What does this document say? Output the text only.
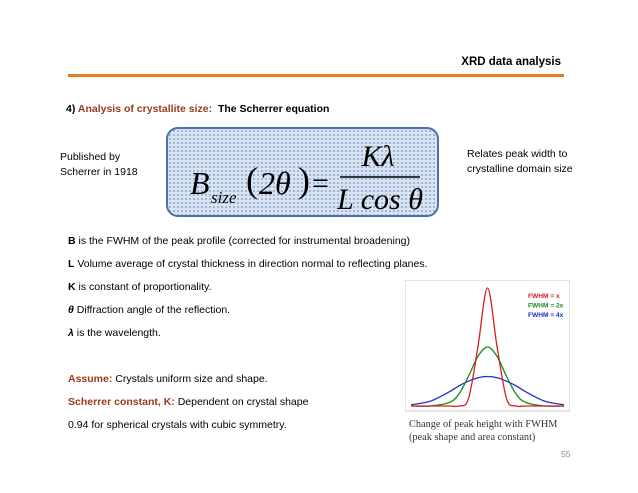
XRD data analysis
4) Analysis of crystallite size: The Scherrer equation
Published by Scherrer in 1918
Relates peak width to crystalline domain size
B size ( 2θ ) =
Kλ
L cos θ
B is the FWHM of the peak profile (corrected for instrumental broadening)
L Volume average of crystal thickness in direction normal to reflecting planes.
K is constant of proportionality.
θ Diffraction angle of the reflection.
λ is the wavelength.
Assume: Crystals uniform size and shape.
Scherrer constant, K: Dependent on crystal shape
0.94 for spherical crystals with cubic symmetry.
FWHM = x
FWHM = 2x
FWHM = 4x
Change of peak height with FWHM
(peak shape and area constant)
55
